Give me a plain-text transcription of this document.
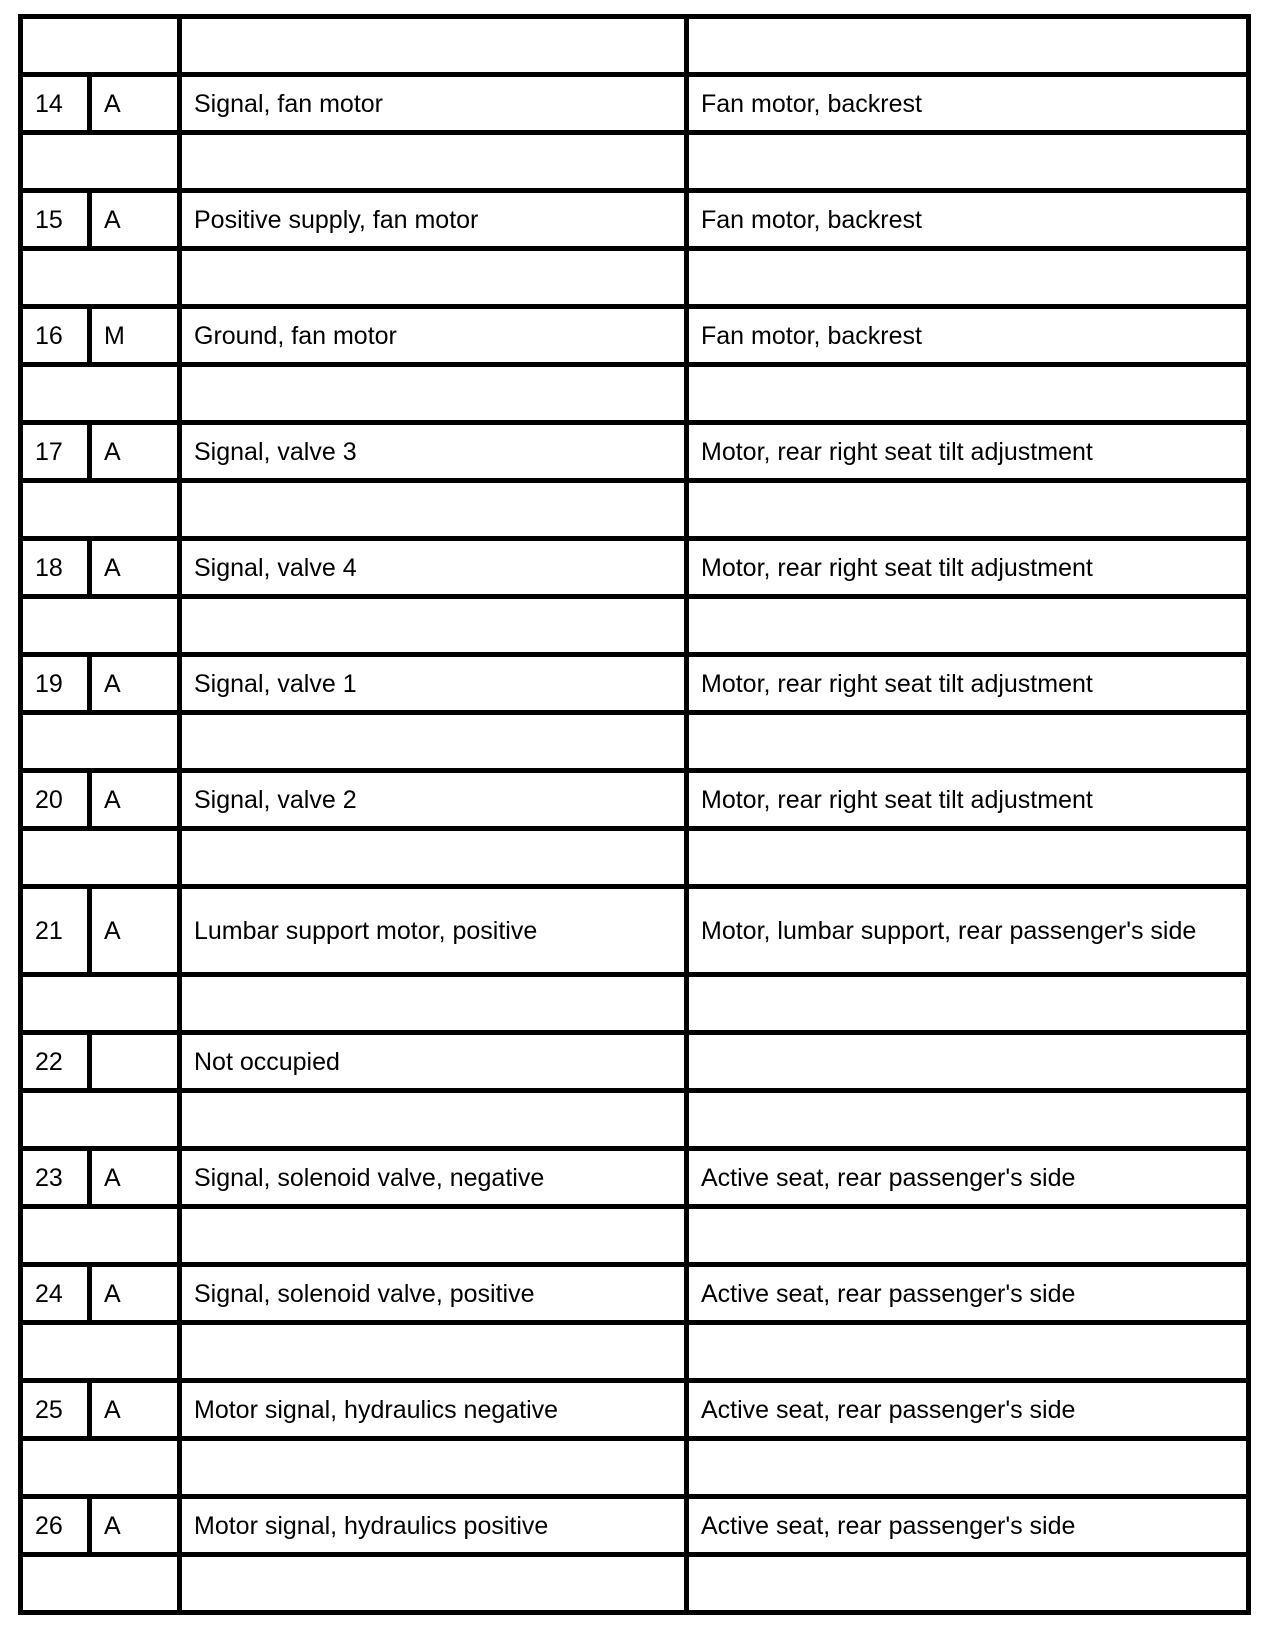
14	A	Signal, fan motor	Fan motor, backrest

15	A	Positive supply, fan motor	Fan motor, backrest

16	M	Ground, fan motor	Fan motor, backrest

17	A	Signal, valve 3	Motor, rear right seat tilt adjustment

18	A	Signal, valve 4	Motor, rear right seat tilt adjustment

19	A	Signal, valve 1	Motor, rear right seat tilt adjustment

20	A	Signal, valve 2	Motor, rear right seat tilt adjustment

21	A	Lumbar support motor, positive	Motor, lumbar support, rear passenger's side

22		Not occupied	

23	A	Signal, solenoid valve, negative	Active seat, rear passenger's side

24	A	Signal, solenoid valve, positive	Active seat, rear passenger's side

25	A	Motor signal, hydraulics negative	Active seat, rear passenger's side

26	A	Motor signal, hydraulics positive	Active seat, rear passenger's side
